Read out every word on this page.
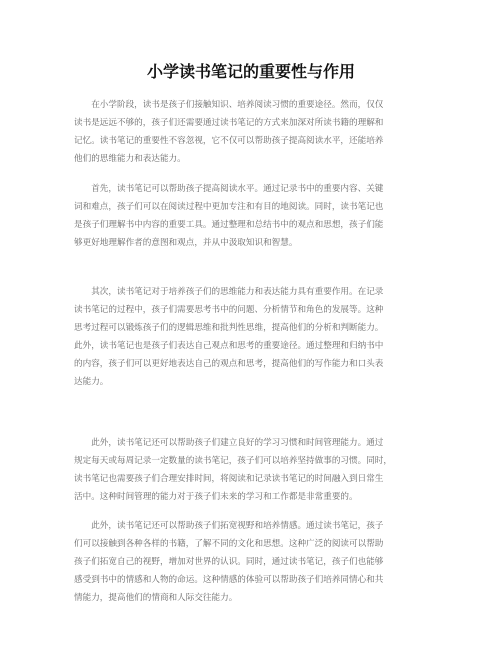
小学读书笔记的重要性与作用

　　在小学阶段，读书是孩子们接触知识、培养阅读习惯的重要途径。然而，仅仅
读书是远远不够的，孩子们还需要通过读书笔记的方式来加深对所读书籍的理解和
记忆。读书笔记的重要性不容忽视，它不仅可以帮助孩子提高阅读水平，还能培养
他们的思维能力和表达能力。

　　首先，读书笔记可以帮助孩子提高阅读水平。通过记录书中的重要内容、关键
词和难点，孩子们可以在阅读过程中更加专注和有目的地阅读。同时，读书笔记也
是孩子们理解书中内容的重要工具。通过整理和总结书中的观点和思想，孩子们能
够更好地理解作者的意图和观点，并从中汲取知识和智慧。

　　其次，读书笔记对于培养孩子们的思维能力和表达能力具有重要作用。在记录
读书笔记的过程中，孩子们需要思考书中的问题、分析情节和角色的发展等。这种
思考过程可以锻炼孩子们的逻辑思维和批判性思维，提高他们的分析和判断能力。
此外，读书笔记也是孩子们表达自己观点和思考的重要途径。通过整理和归纳书中
的内容，孩子们可以更好地表达自己的观点和思考，提高他们的写作能力和口头表
达能力。

　　此外，读书笔记还可以帮助孩子们建立良好的学习习惯和时间管理能力。通过
规定每天或每周记录一定数量的读书笔记，孩子们可以培养坚持做事的习惯。同时，
读书笔记也需要孩子们合理安排时间，将阅读和记录读书笔记的时间融入到日常生
活中。这种时间管理的能力对于孩子们未来的学习和工作都是非常重要的。

　　此外，读书笔记还可以帮助孩子们拓宽视野和培养情感。通过读书笔记，孩子
们可以接触到各种各样的书籍，了解不同的文化和思想。这种广泛的阅读可以帮助
孩子们拓宽自己的视野，增加对世界的认识。同时，通过读书笔记，孩子们也能够
感受到书中的情感和人物的命运。这种情感的体验可以帮助孩子们培养同情心和共
情能力，提高他们的情商和人际交往能力。
